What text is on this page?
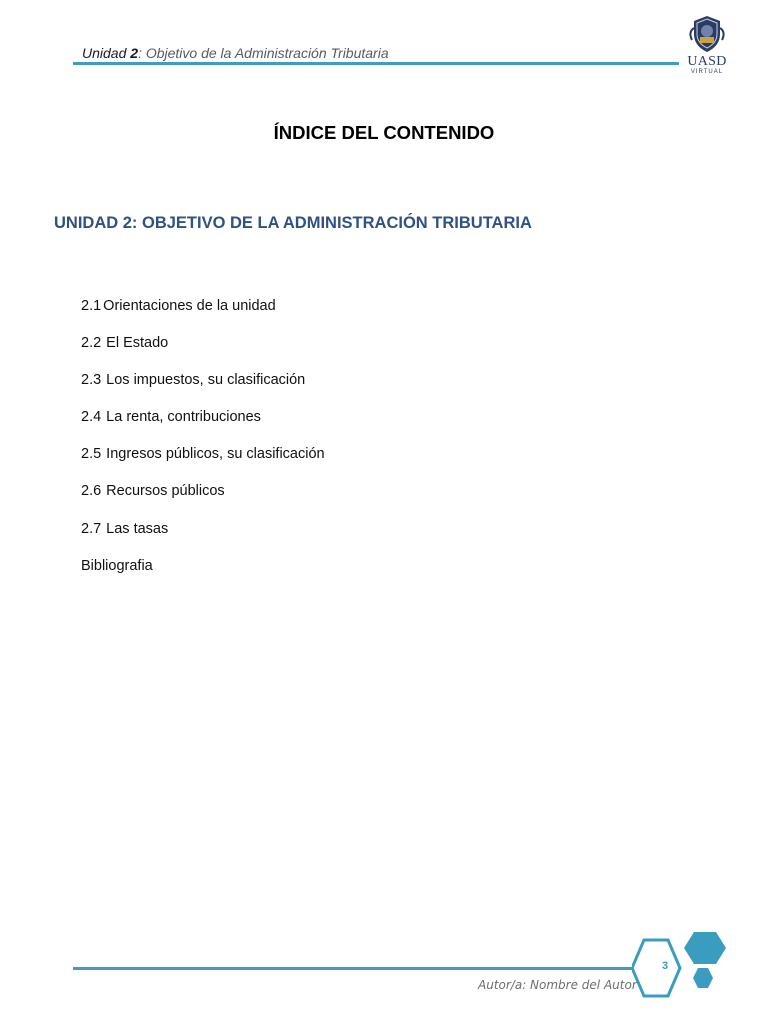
Unidad 2: Objetivo de la Administración Tributaria
UASD
VIRTUAL
ÍNDICE DEL CONTENIDO
UNIDAD 2: OBJETIVO DE LA ADMINISTRACIÓN TRIBUTARIA
2.1 Orientaciones de la unidad
2.2 El Estado
2.3 Los impuestos, su clasificación
2.4 La renta, contribuciones
2.5 Ingresos públicos, su clasificación
2.6 Recursos públicos
2.7 Las tasas
Bibliografia
Autor/a: Nombre del Autor
3
